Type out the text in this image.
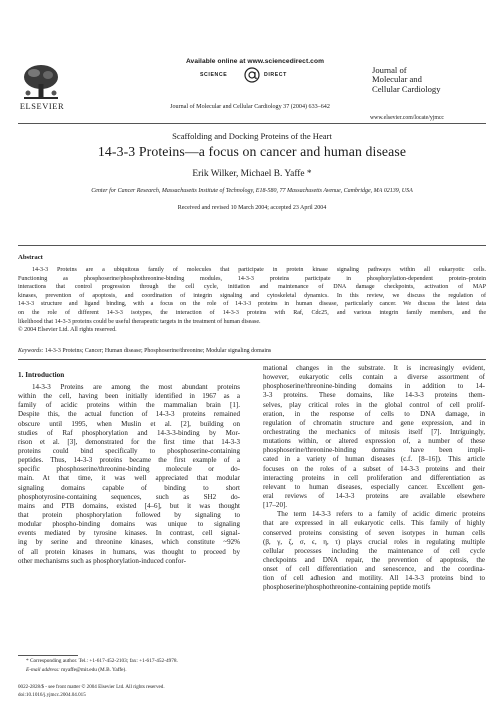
ELSEVIER
Available online at www.sciencedirect.com
SCIENCE	DIRECT
Journal of Molecular and Cellular Cardiology 37 (2004) 633–642
Journal of
Molecular and
Cellular Cardiology
www.elsevier.com/locate/yjmcc
Scaffolding and Docking Proteins of the Heart
14-3-3 Proteins—a focus on cancer and human disease
Erik Wilker, Michael B. Yaffe *
Center for Cancer Research, Massachusetts Institute of Technology, E18-580, 77 Massachusetts Avenue, Cambridge, MA 02139, USA
Received and revised 10 March 2004; accepted 23 April 2004
Abstract
14-3-3 Proteins are a ubiquitous family of molecules that participate in protein kinase signaling pathways within all eukaryotic cells.
Functioning as phosphoserine/phosphothreonine-binding modules, 14-3-3 proteins participate in phosphorylation-dependent protein–protein
interactions that control progression through the cell cycle, initiation and maintenance of DNA damage checkpoints, activation of MAP
kinases, prevention of apoptosis, and coordination of integrin signaling and cytoskeletal dynamics. In this review, we discuss the regulation of
14-3-3 structure and ligand binding, with a focus on the role of 14-3-3 proteins in human disease, particularly cancer. We discuss the latest data
on the role of different 14-3-3 isotypes, the interaction of 14-3-3 proteins with Raf, Cdc25, and various integrin family members, and the
likelihood that 14-3-3 proteins could be useful therapeutic targets in the treatment of human disease.
© 2004 Elsevier Ltd. All rights reserved.
Keywords: 14-3-3 Proteins; Cancer; Human disease; Phosphoserine/threonine; Modular signaling domains
1. Introduction
14-3-3 Proteins are among the most abundant proteins
within the cell, having been initially identified in 1967 as a
family of acidic proteins within the mammalian brain [1].
Despite this, the actual function of 14-3-3 proteins remained
obscure until 1995, when Muslin et al. [2], building on
studies of Raf phosphorylation and 14-3-3-binding by Mor-
rison et al. [3], demonstrated for the first time that 14-3-3
proteins could bind specifically to phosphoserine-containing
peptides. Thus, 14-3-3 proteins became the first example of a
specific phosphoserine/threonine-binding molecule or do-
main. At that time, it was well appreciated that modular
signaling domains capable of binding to short
phosphotyrosine-containing sequences, such as SH2 do-
mains and PTB domains, existed [4–6], but it was thought
that protein phosphorylation followed by signaling to
modular phospho-binding domains was unique to signaling
events mediated by tyrosine kinases. In contrast, cell signal-
ing by serine and threonine kinases, which constitute ~92%
of all protein kinases in humans, was thought to proceed by
other mechanisms such as phosphorylation-induced confor-
mational changes in the substrate. It is increasingly evident,
however, eukaryotic cells contain a diverse assortment of
phosphoserine/threonine-binding domains in addition to 14-
3-3 proteins. These domains, like 14-3-3 proteins them-
selves, play critical roles in the global control of cell prolif-
eration, in the response of cells to DNA damage, in
regulation of chromatin structure and gene expression, and in
orchestrating the mechanics of mitosis itself [7]. Intriguingly,
mutations within, or altered expression of, a number of these
phosphoserine/threonine-binding domains have been impli-
cated in a variety of human diseases (c.f. [8–16]). This article
focuses on the roles of a subset of 14-3-3 proteins and their
interacting proteins in cell proliferation and differentiation as
relevant to human diseases, especially cancer. Excellent gen-
eral reviews of 14-3-3 proteins are available elsewhere
[17–20].
The term 14-3-3 refers to a family of acidic dimeric proteins
that are expressed in all eukaryotic cells. This family of highly
conserved proteins consisting of seven isotypes in human cells
(β, γ, ζ, σ, ϵ, η, τ) plays crucial roles in regulating multiple
cellular processes including the maintenance of cell cycle
checkpoints and DNA repair, the prevention of apoptosis, the
onset of cell differentiation and senescence, and the coordina-
tion of cell adhesion and motility. All 14-3-3 proteins bind to
phosphoserine/phosphothreonine-containing peptide motifs
* Corresponding author. Tel.: +1-617-452-2103; fax: +1-617-452-4978.
E-mail address: myaffe@mit.edu (M.B. Yaffe).
0022-2828/$ - see front matter © 2004 Elsevier Ltd. All rights reserved.
doi:10.1016/j.yjmcc.2004.04.015
